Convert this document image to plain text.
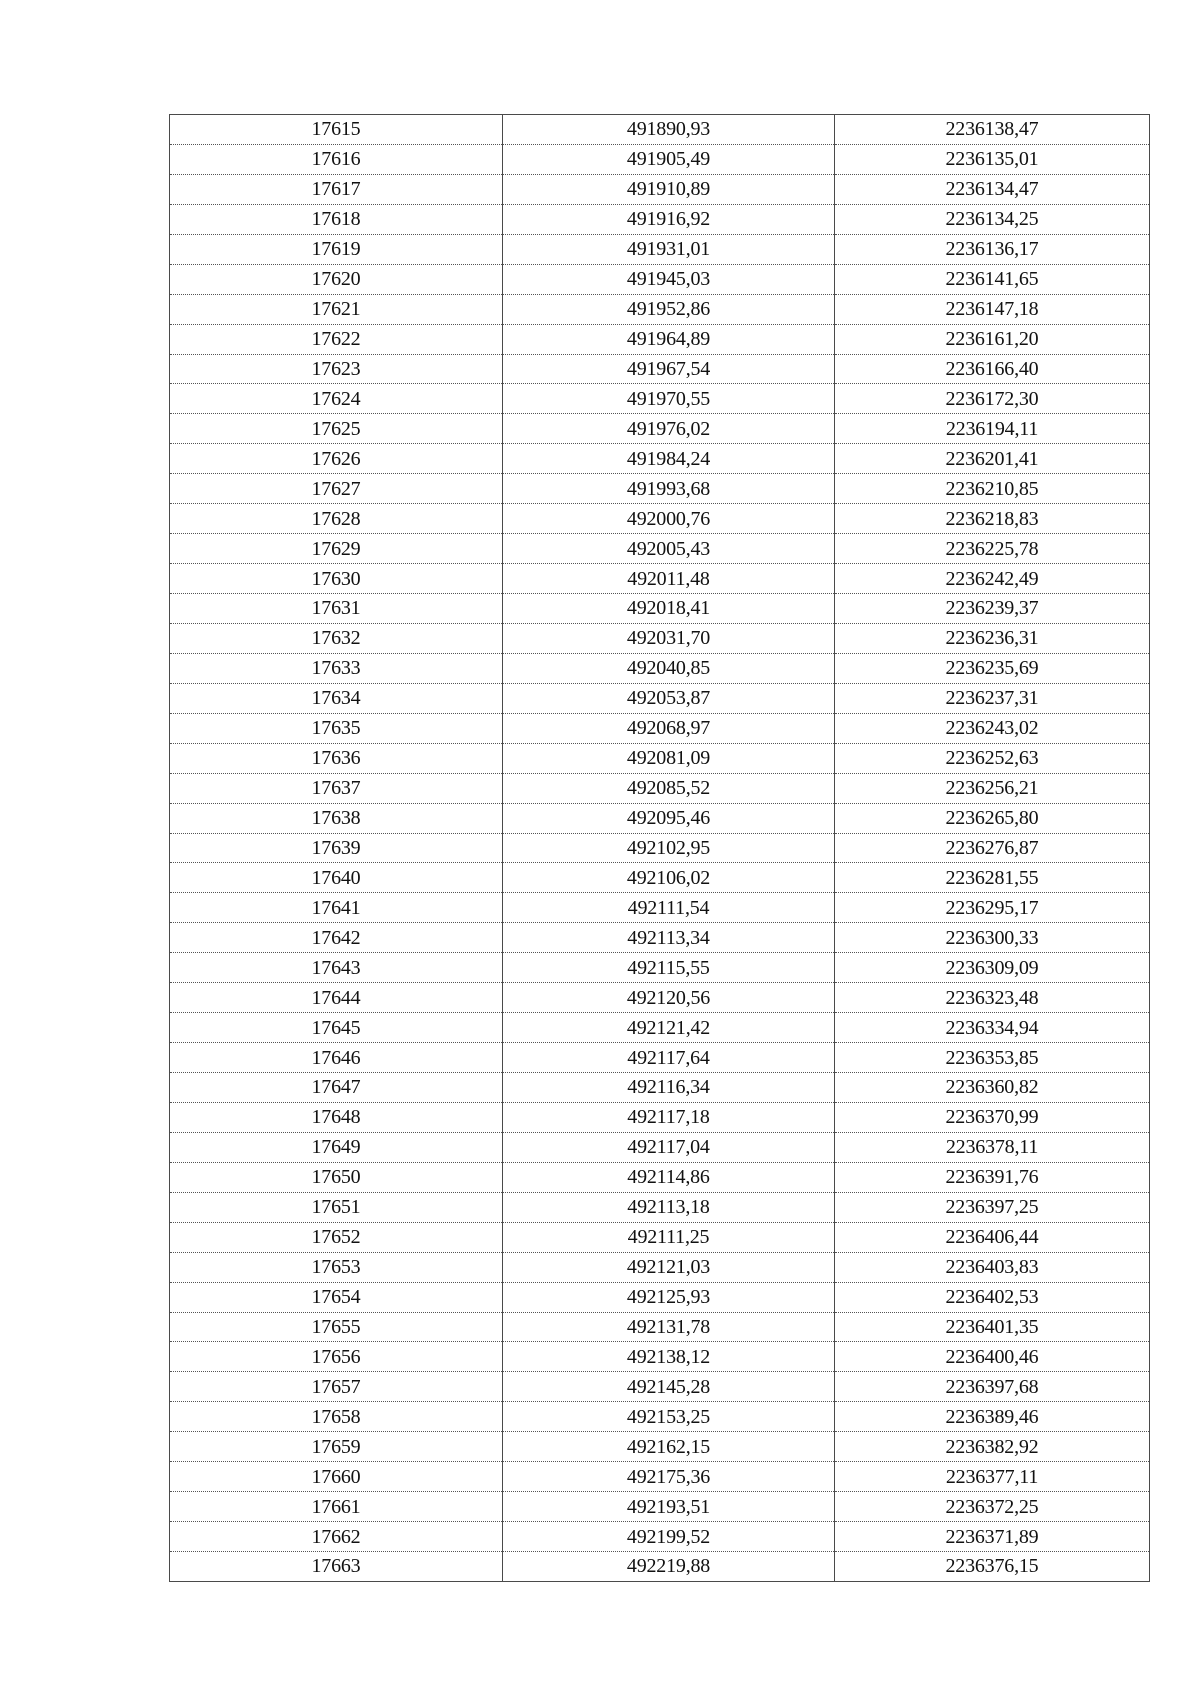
17615	491890,93	2236138,47
17616	491905,49	2236135,01
17617	491910,89	2236134,47
17618	491916,92	2236134,25
17619	491931,01	2236136,17
17620	491945,03	2236141,65
17621	491952,86	2236147,18
17622	491964,89	2236161,20
17623	491967,54	2236166,40
17624	491970,55	2236172,30
17625	491976,02	2236194,11
17626	491984,24	2236201,41
17627	491993,68	2236210,85
17628	492000,76	2236218,83
17629	492005,43	2236225,78
17630	492011,48	2236242,49
17631	492018,41	2236239,37
17632	492031,70	2236236,31
17633	492040,85	2236235,69
17634	492053,87	2236237,31
17635	492068,97	2236243,02
17636	492081,09	2236252,63
17637	492085,52	2236256,21
17638	492095,46	2236265,80
17639	492102,95	2236276,87
17640	492106,02	2236281,55
17641	492111,54	2236295,17
17642	492113,34	2236300,33
17643	492115,55	2236309,09
17644	492120,56	2236323,48
17645	492121,42	2236334,94
17646	492117,64	2236353,85
17647	492116,34	2236360,82
17648	492117,18	2236370,99
17649	492117,04	2236378,11
17650	492114,86	2236391,76
17651	492113,18	2236397,25
17652	492111,25	2236406,44
17653	492121,03	2236403,83
17654	492125,93	2236402,53
17655	492131,78	2236401,35
17656	492138,12	2236400,46
17657	492145,28	2236397,68
17658	492153,25	2236389,46
17659	492162,15	2236382,92
17660	492175,36	2236377,11
17661	492193,51	2236372,25
17662	492199,52	2236371,89
17663	492219,88	2236376,15
